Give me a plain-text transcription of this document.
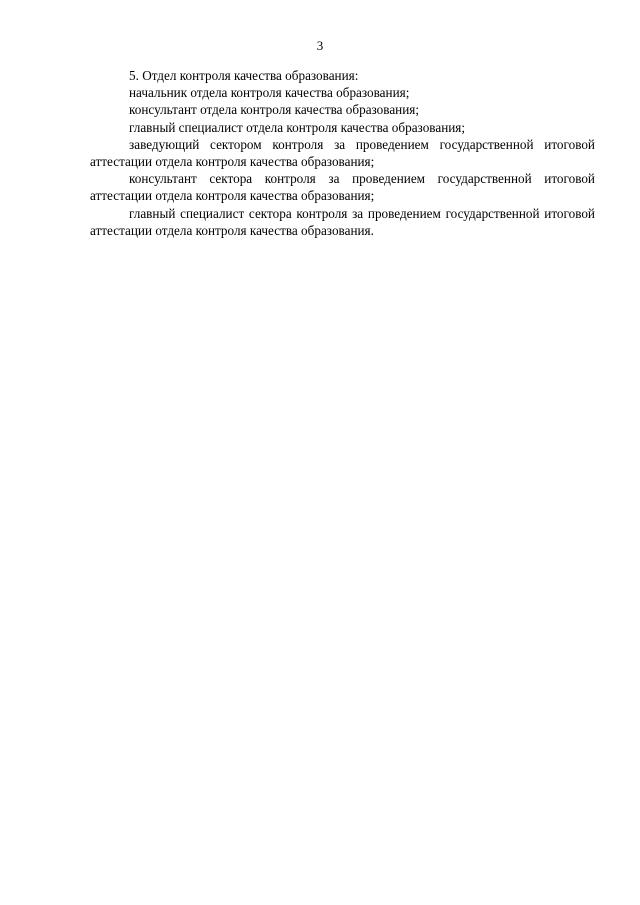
3

5. Отдел контроля качества образования:

начальник отдела контроля качества образования;

консультант отдела контроля качества образования;

главный специалист отдела контроля качества образования;

заведующий сектором контроля за проведением государственной итоговой аттестации отдела контроля качества образования;

консультант сектора контроля за проведением государственной итоговой аттестации отдела контроля качества образования;

главный специалист сектора контроля за проведением государственной итоговой аттестации отдела контроля качества образования.
